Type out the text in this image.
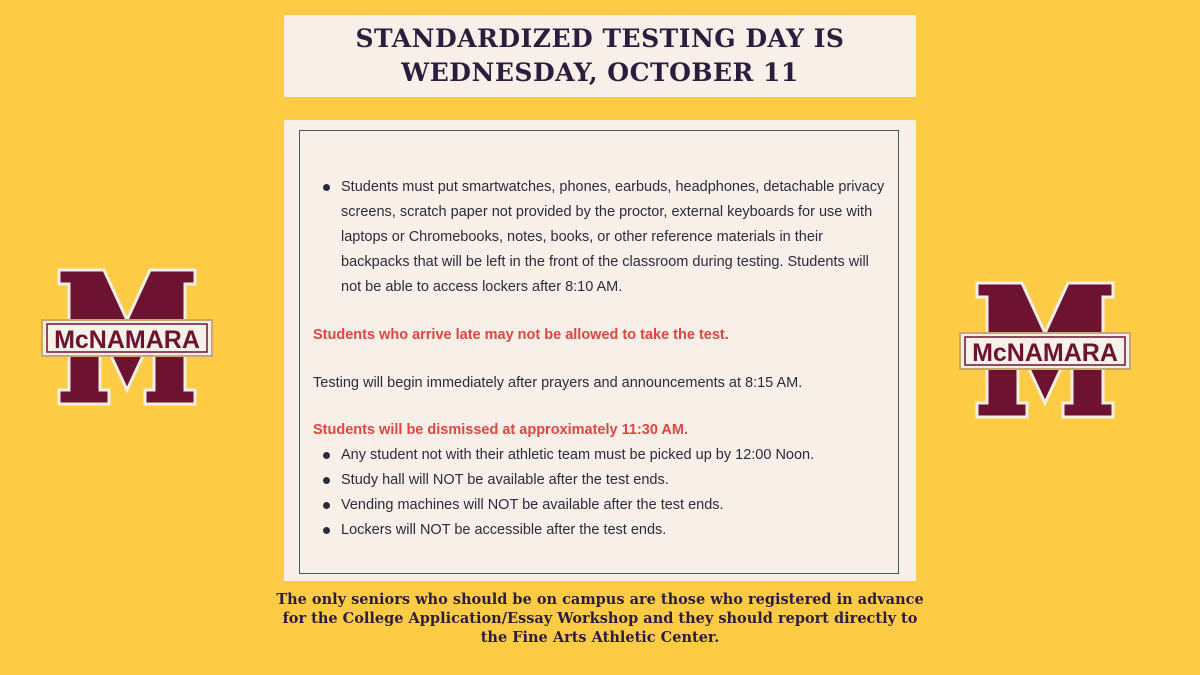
McNAMARA	McNAMARA
STANDARDIZED TESTING DAY IS
WEDNESDAY, OCTOBER 11
Students must put smartwatches, phones, earbuds, headphones, detachable privacy screens, scratch paper not provided by the proctor, external keyboards for use with laptops or Chromebooks, notes, books, or other reference materials in their backpacks that will be left in the front of the classroom during testing. Students will not be able to access lockers after 8:10 AM.
Students who arrive late may not be allowed to take the test.
Testing will begin immediately after prayers and announcements at 8:15 AM.
Students will be dismissed at approximately 11:30 AM.
Any student not with their athletic team must be picked up by 12:00 Noon.
Study hall will NOT be available after the test ends.
Vending machines will NOT be available after the test ends.
Lockers will NOT be accessible after the test ends.
The only seniors who should be on campus are those who registered in advance for the College Application/Essay Workshop and they should report directly to the Fine Arts Athletic Center.
